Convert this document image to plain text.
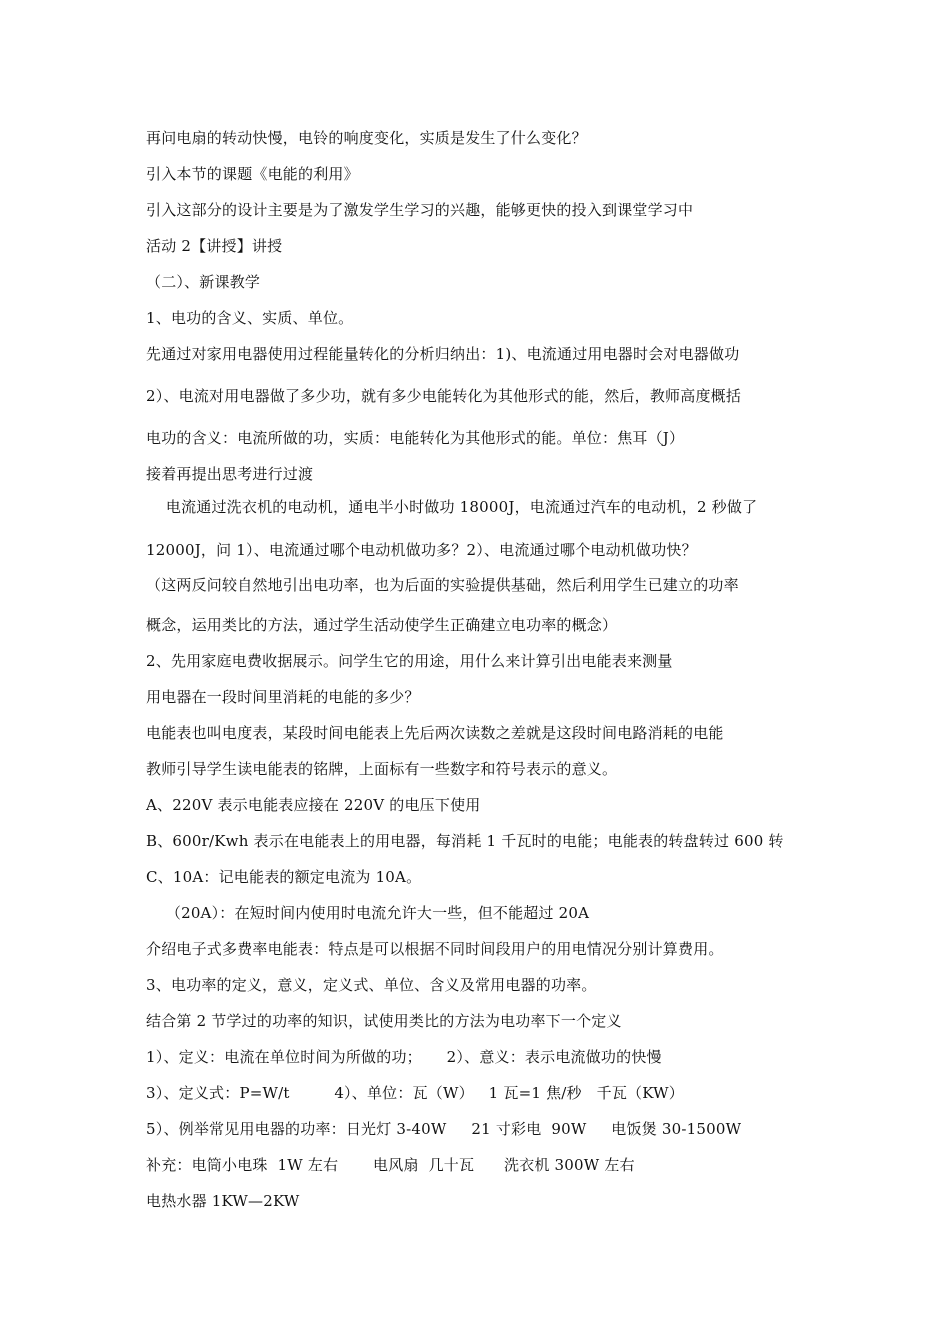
再问电扇的转动快慢，电铃的响度变化，实质是发生了什么变化？
引入本节的课题《电能的利用》
引入这部分的设计主要是为了激发学生学习的兴趣，能够更快的投入到课堂学习中
活动 2【讲授】讲授
（二）、新课教学
1、电功的含义、实质、单位。
先通过对家用电器使用过程能量转化的分析归纳出：1)、电流通过用电器时会对电器做功
2）、电流对用电器做了多少功，就有多少电能转化为其他形式的能，然后，教师高度概括
电功的含义：电流所做的功，实质：电能转化为其他形式的能。单位：焦耳（J）
接着再提出思考进行过渡
电流通过洗衣机的电动机，通电半小时做功 18000J，电流通过汽车的电动机，2 秒做了
12000J，问 1）、电流通过哪个电动机做功多？2）、电流通过哪个电动机做功快？
（这两反问较自然地引出电功率，也为后面的实验提供基础，然后利用学生已建立的功率
概念，运用类比的方法，通过学生活动使学生正确建立电功率的概念）
2、先用家庭电费收据展示。问学生它的用途，用什么来计算引出电能表来测量
用电器在一段时间里消耗的电能的多少？
电能表也叫电度表，某段时间电能表上先后两次读数之差就是这段时间电路消耗的电能
教师引导学生读电能表的铭牌，上面标有一些数字和符号表示的意义。
A、220V 表示电能表应接在 220V 的电压下使用
B、600r/Kwh 表示在电能表上的用电器，每消耗 1 千瓦时的电能；电能表的转盘转过 600 转
C、10A：记电能表的额定电流为 10A。
（20A）：在短时间内使用时电流允许大一些，但不能超过 20A
介绍电子式多费率电能表：特点是可以根据不同时间段用户的用电情况分别计算费用。
3、电功率的定义，意义，定义式、单位、含义及常用电器的功率。
结合第 2 节学过的功率的知识，试使用类比的方法为电功率下一个定义
1）、定义：电流在单位时间为所做的功；     2）、意义：表示电流做功的快慢
3）、定义式：P=W/t         4）、单位：瓦（W）   1 瓦=1 焦/秒   千瓦（KW）
5）、例举常见用电器的功率：日光灯 3-40W     21 寸彩电  90W     电饭煲 30-1500W
补充：电筒小电珠  1W 左右       电风扇  几十瓦      洗衣机 300W 左右
电热水器 1KW—2KW
